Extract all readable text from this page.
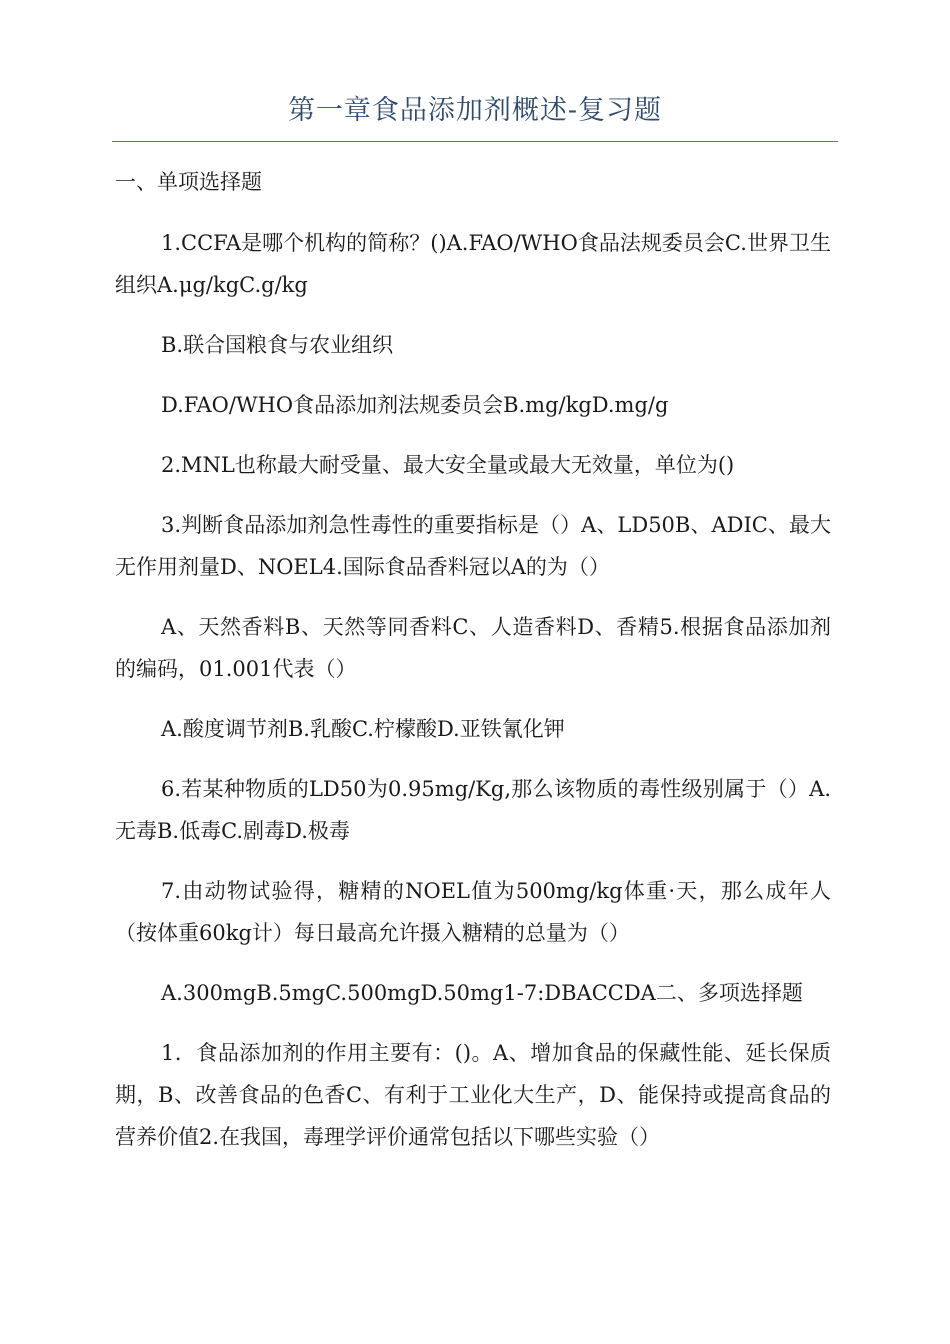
第一章食品添加剂概述-复习题
一、单项选择题

1.CCFA是哪个机构的简称？()A.FAO/WHO食品法规委员会C.世界卫生组织A.μg/kgC.g/kg

B.联合国粮食与农业组织

D.FAO/WHO食品添加剂法规委员会B.mg/kgD.mg/g

2.MNL也称最大耐受量、最大安全量或最大无效量，单位为()

3.判断食品添加剂急性毒性的重要指标是（）A、LD50B、ADIC、最大无作用剂量D、NOEL4.国际食品香料冠以A的为（）

A、天然香料B、天然等同香料C、人造香料D、香精5.根据食品添加剂的编码，01.001代表（）

A.酸度调节剂B.乳酸C.柠檬酸D.亚铁氰化钾

6.若某种物质的LD50为0.95mg/Kg,那么该物质的毒性级别属于（）A.无毒B.低毒C.剧毒D.极毒

7.由动物试验得，糖精的NOEL值为500mg/kg体重·天，那么成年人（按体重60kg计）每日最高允许摄入糖精的总量为（）

A.300mgB.5mgC.500mgD.50mg1-7:DBACCDA二、多项选择题

1．食品添加剂的作用主要有：()。A、增加食品的保藏性能、延长保质期，B、改善食品的色香C、有利于工业化大生产，D、能保持或提高食品的营养价值2.在我国，毒理学评价通常包括以下哪些实验（）
